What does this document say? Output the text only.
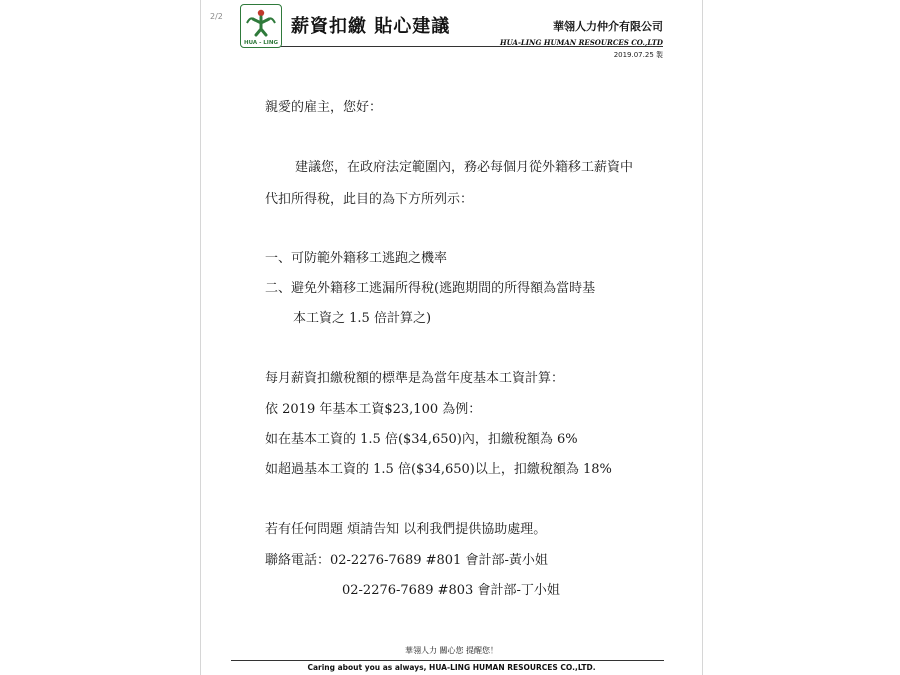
2/2
HUA - LING
薪資扣繳 貼心建議	華翎人力仲介有限公司
HUA-LING HUMAN RESOURCES CO.,LTD
2019.07.25 製
親愛的雇主，您好：
建議您，在政府法定範圍內，務必每個月從外籍移工薪資中
代扣所得稅，此目的為下方所列示：
一、可防範外籍移工逃跑之機率
二、避免外籍移工逃漏所得稅(逃跑期間的所得額為當時基
本工資之 1.5 倍計算之)
每月薪資扣繳稅額的標準是為當年度基本工資計算：
依 2019 年基本工資$23,100 為例：
如在基本工資的 1.5 倍($34,650)內，扣繳稅額為 6%
如超過基本工資的 1.5 倍($34,650)以上，扣繳稅額為 18%
若有任何問題 煩請告知 以利我們提供協助處理。
聯絡電話：02-2276-7689 #801 會計部-黃小姐
02-2276-7689 #803 會計部-丁小姐
華翎人力 關心您 提醒您！
Caring about you as always, HUA-LING HUMAN RESOURCES CO.,LTD.
